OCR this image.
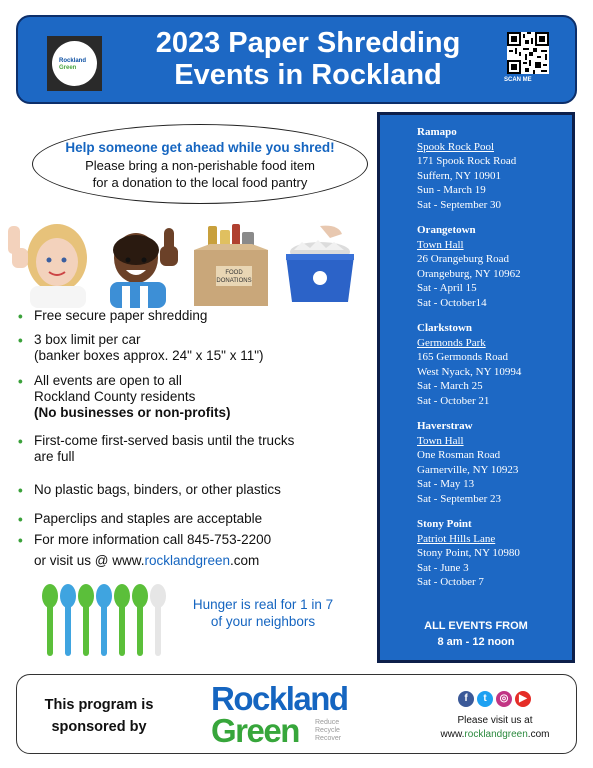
Rockland
Green
2023 Paper Shredding
Events in Rockland	SCAN ME
Help someone get ahead while you shred!
Please bring a non-perishable food item
for a donation to the local food pantry
FOOD
DONATIONS
• Free secure paper shredding
• 3 box limit per car
(banker boxes approx. 24" x 15" x 11")
• All events are open to all
Rockland County residents
(No businesses or non-profits)
• First-come first-served basis until the trucks
are full
• No plastic bags, binders, or other plastics
• Paperclips and staples are acceptable
• For more information call 845-753-2200
or visit us @ www.rocklandgreen.com
Hunger is real for 1 in 7
of your neighbors
Ramapo
Spook Rock Pool
171 Spook Rock Road
Suffern, NY 10901
Sun - March 19
Sat - September 30
Orangetown
Town Hall
26 Orangeburg Road
Orangeburg, NY 10962
Sat - April 15
Sat - October14
Clarkstown
Germonds Park
165 Germonds Road
West Nyack, NY 10994
Sat - March 25
Sat - October 21
Haverstraw
Town Hall
One Rosman Road
Garnerville, NY 10923
Sat - May 13
Sat - September 23
Stony Point
Patriot Hills Lane
Stony Point, NY 10980
Sat - June 3
Sat - October 7
ALL EVENTS FROM
8 am - 12 noon
This program is
sponsored by
Rockland
Green Reduce
Recycle
Recover
f	t	◎	▶
Please visit us at
www.rocklandgreen.com
